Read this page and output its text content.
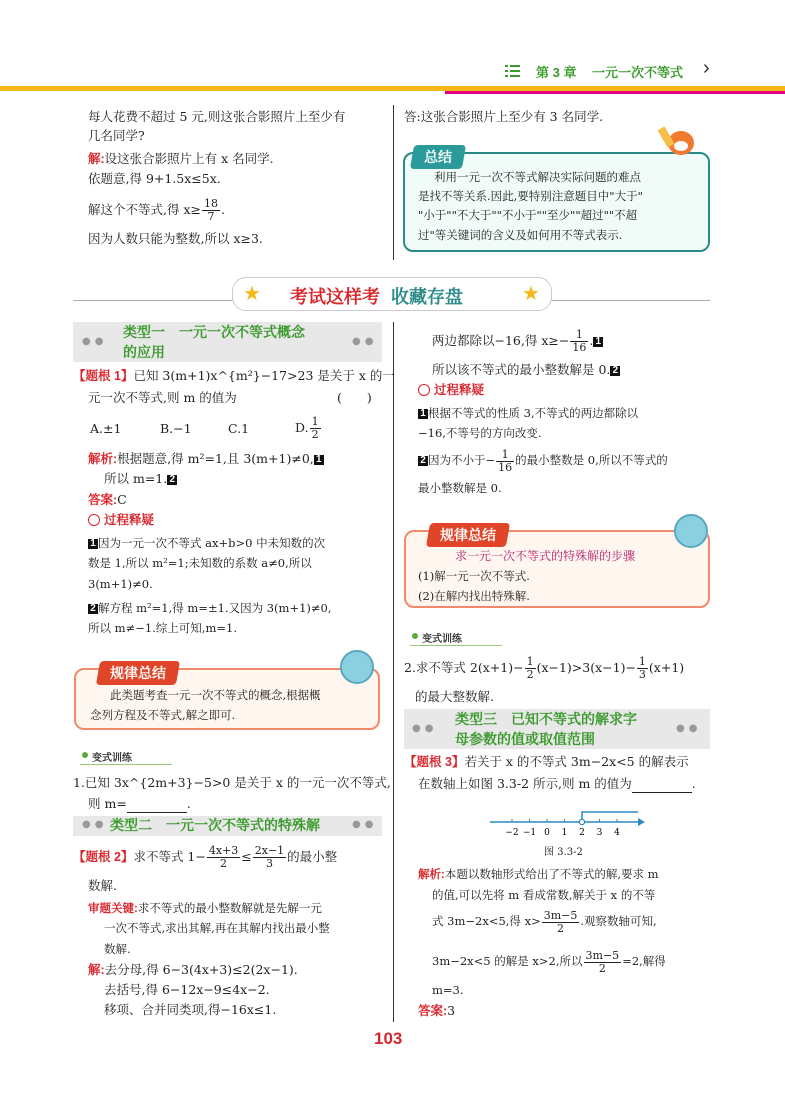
第 3 章 一元一次不等式 ›
每人花费不超过 5 元,则这张合影照片上至少有
几名同学?
解:设这张合影照片上有 x 名同学.
依题意,得 9+1.5x≤5x.
解这个不等式,得 $x\ge \frac{18}{7}$ .
因为人数只能为整数,所以 x≥3.
答:这张合影照片上至少有 3 名同学.
总结
利用一元一次不等式解决实际问题的难点
是找不等关系.因此,要特别注意题目中"大于"
"小于""不大于""不小于""至少""超过""不超
过"等关键词的含义及如何用不等式表示.
★	★
考试这样考 收藏存盘
●●	●●
类型一　一元一次不等式概念
的应用
【题根 1】已知 3(m+1)x^{m²}−17>23 是关于 x 的一
元一次不等式,则 m 的值为	(　　)
A.±1	B.−1	C.1	D. $\frac{1}{2}$
解析:根据题意,得 m²=1,且 3(m+1)≠0, 1
所以 m=1. 2
答案:C
过程释疑
1 因为一元一次不等式 ax+b>0 中未知数的次
数是 1,所以 m²=1;未知数的系数 a≠0,所以
3(m+1)≠0.
2 解方程 m²=1,得 m=±1.又因为 3(m+1)≠0,
所以 m≠−1.综上可知,m=1.
规律总结
此类题考查一元一次不等式的概念,根据概
念列方程及不等式,解之即可.
变式训练
1.已知 3x^{2m+3}−5>0 是关于 x 的一元一次不等式,
则 m=	.
●●	●●
类型二　一元一次不等式的特殊解
【题根 2】求不等式 $1- \frac{4x+3}{2} \le \frac{2x-1}{3}$ 的最小整
数解.
审题关键:求不等式的最小整数解就是先解一元
一次不等式,求出其解,再在其解内找出最小整
数解.
解:去分母,得 6−3(4x+3)≤2(2x−1).
去括号,得 6−12x−9≤4x−2.
移项、合并同类项,得−16x≤1.
两边都除以−16,得 $x\ge- \frac{1}{16}$ . 1
所以该不等式的最小整数解是 0. 2
过程释疑
1 根据不等式的性质 3,不等式的两边都除以
−16,不等号的方向改变.
2 因为不小于− $\frac{1}{16}$ 的最小整数是 0,所以不等式的
最小整数解是 0.
规律总结
求一元一次不等式的特殊解的步骤
(1)解一元一次不等式.
(2)在解内找出特殊解.
变式训练
2.求不等式 $2(x+1)- \frac{1}{2} (x-1)>3(x-1)- \frac{1}{3} (x+1)$
的最大整数解.
●●	●●
类型三　已知不等式的解求字
母参数的值或取值范围
【题根 3】若关于 x 的不等式 3m−2x<5 的解表示
在数轴上如图 3.3-2 所示,则 m 的值为	.
−2 −1 0 1 2 3 4
图 3.3-2
解析:本题以数轴形式给出了不等式的解,要求 m
的值,可以先将 m 看成常数,解关于 x 的不等
式 3m−2x<5,得 $x> \frac{3m-5}{2}$ .观察数轴可知,
3m−2x<5 的解是 x>2,所以 $\frac{3m-5}{2} =2$,解得
m=3.
答案:3
103
